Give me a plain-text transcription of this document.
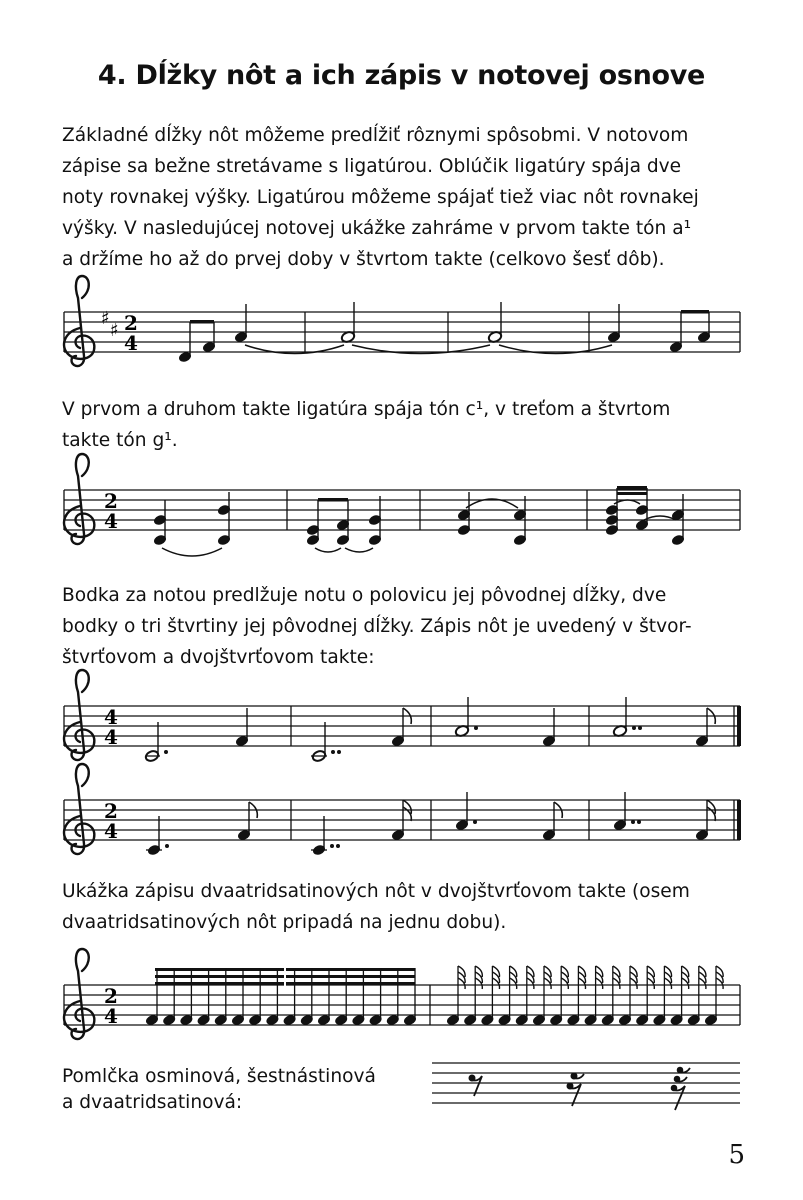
4. Dĺžky nôt a ich zápis v notovej osnove

Základné dĺžky nôt môžeme predĺžiť rôznymi spôsobmi. V notovom

zápise sa bežne stretávame s ligatúrou. Oblúčik ligatúry spája dve

noty rovnakej výšky. Ligatúrou môžeme spájať tiež viac nôt rovnakej

výšky. V nasledujúcej notovej ukážke zahráme v prvom takte tón a¹

a držíme ho až do prvej doby v štvrtom takte (celkovo šesť dôb).

V prvom a druhom takte ligatúra spája tón c¹, v treťom a štvrtom

takte tón g¹.

Bodka za notou predlžuje notu o polovicu jej pôvodnej dĺžky, dve

bodky o tri štvrtiny jej pôvodnej dĺžky. Zápis nôt je uvedený v štvor-

štvrťovom a dvojštvrťovom takte:

Ukážka zápisu dvaatridsatinových nôt v dvojštvrťovom takte (osem

dvaatridsatinových nôt pripadá na jednu dobu).

Pomlčka osminová, šestnástinová

a dvaatridsatinová:

♯
♯ 2
4
2
4
4
4
2
4
2
4
5
